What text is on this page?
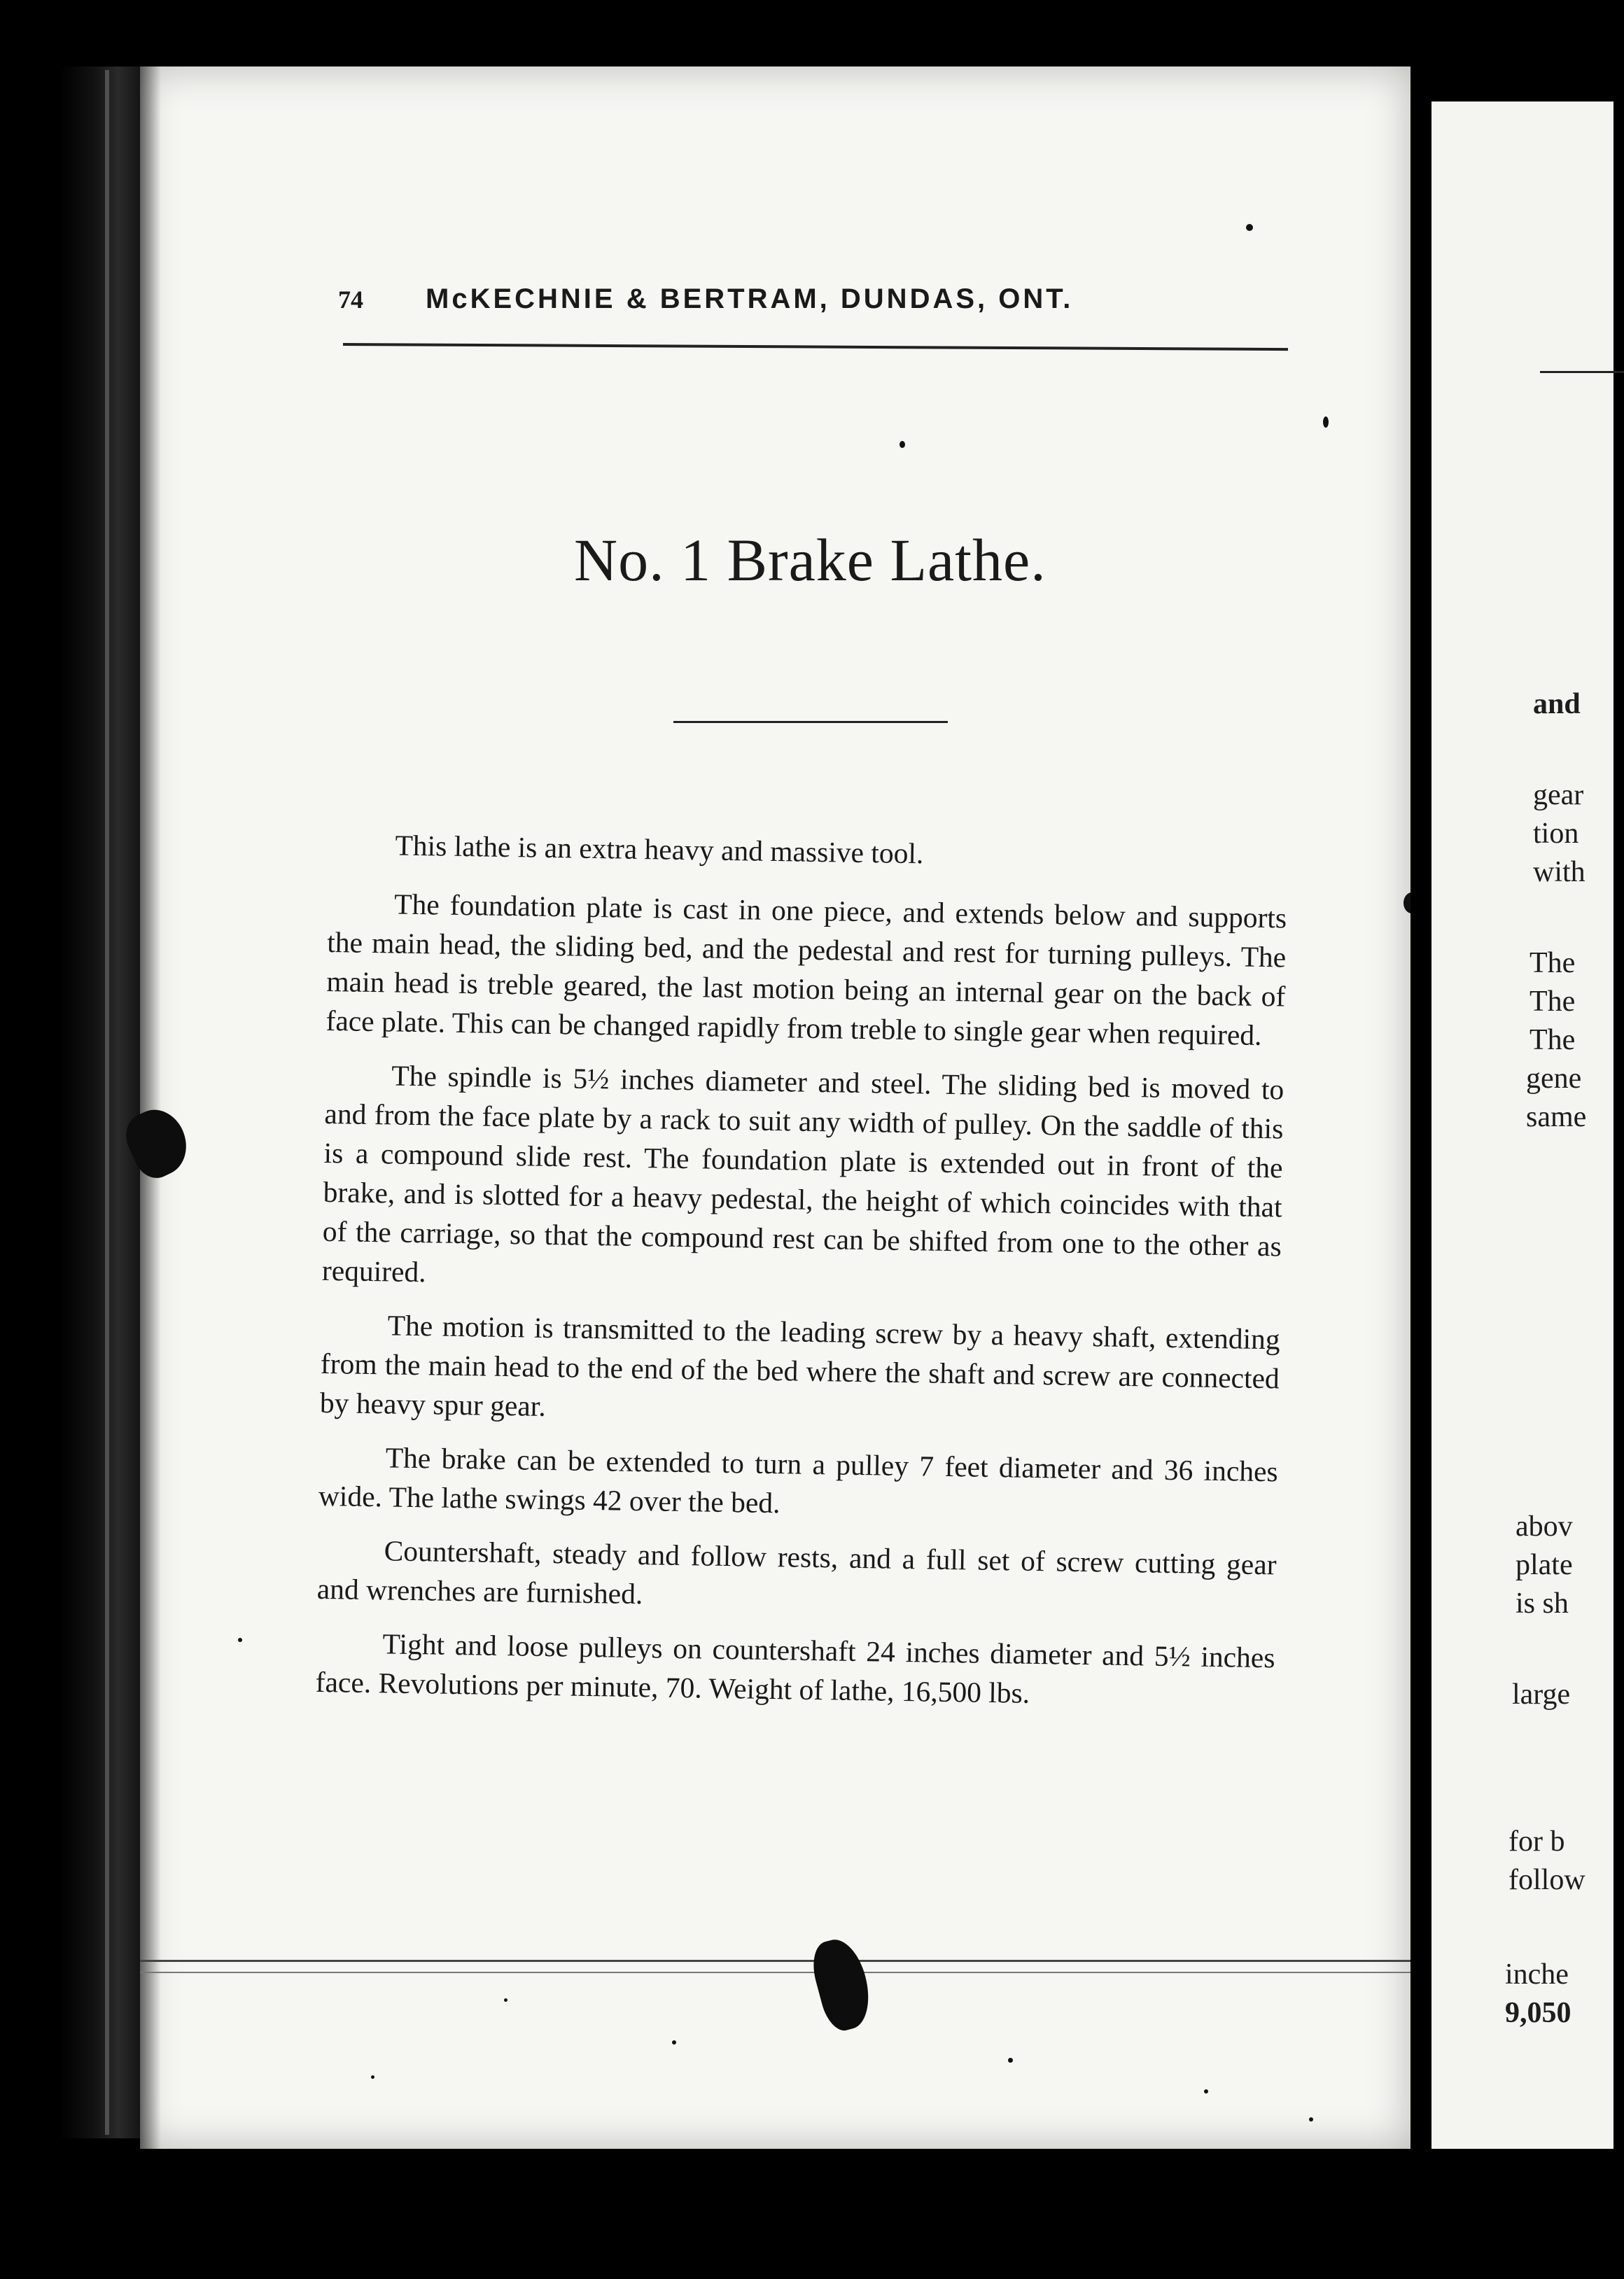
74 McKECHNIE & BERTRAM, DUNDAS, ONT.
No. 1 Brake Lathe.

This lathe is an extra heavy and massive tool.

The foundation plate is cast in one piece, and extends below and supports the main head, the sliding bed, and the pedestal and rest for turning pulleys. The main head is treble geared, the last motion being an internal gear on the back of face plate. This can be changed rapidly from treble to single gear when required.

The spindle is 5½ inches diameter and steel. The sliding bed is moved to and from the face plate by a rack to suit any width of pulley. On the saddle of this is a compound slide rest. The foundation plate is extended out in front of the brake, and is slotted for a heavy pedestal, the height of which coincides with that of the carriage, so that the compound rest can be shifted from one to the other as required.

The motion is transmitted to the leading screw by a heavy shaft, extending from the main head to the end of the bed where the shaft and screw are connected by heavy spur gear.

The brake can be extended to turn a pulley 7 feet diameter and 36 inches wide. The lathe swings 42 over the bed.

Countershaft, steady and follow rests, and a full set of screw cutting gear and wrenches are furnished.

Tight and loose pulleys on countershaft 24 inches diameter and 5½ inches face. Revolutions per minute, 70. Weight of lathe, 16,500 lbs.

and
gear
tion
with
The
The
The
gene
same
abov
plate
is sh
large
for b
follow
inche
9,050
